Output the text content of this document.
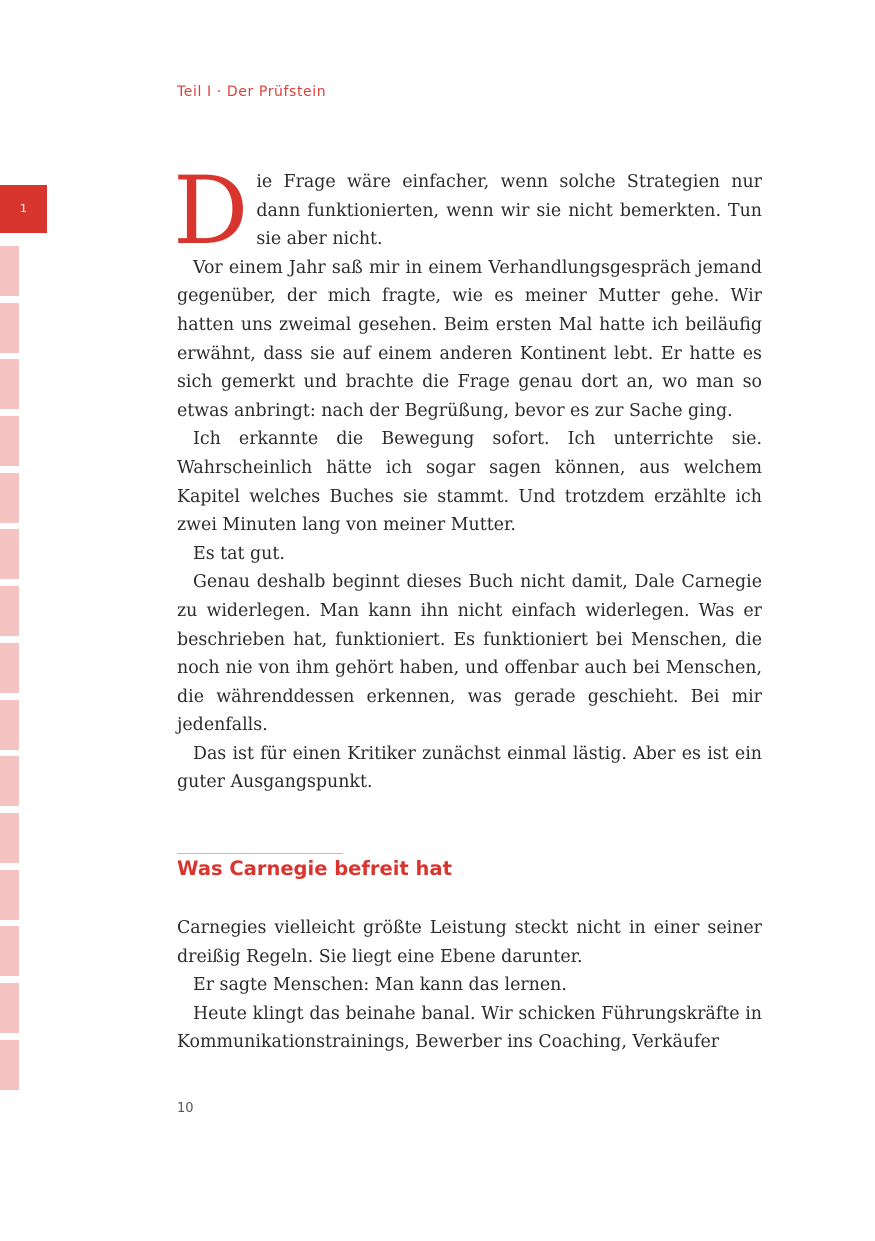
Teil I · Der Prüfstein
1 Die Frage wäre einfacher, wenn solche Strategien nur dann funktionierten, wenn wir sie nicht bemerkten. Tun sie aber nicht.

Vor einem Jahr saß mir in einem Verhandlungsgespräch jemand gegenüber, der mich fragte, wie es meiner Mutter gehe. Wir hatten uns zweimal gesehen. Beim ersten Mal hatte ich beiläufig erwähnt, dass sie auf einem anderen Kontinent lebt. Er hatte es sich gemerkt und brachte die Frage genau dort an, wo man so etwas anbringt: nach der Begrüßung, bevor es zur Sache ging.

Ich erkannte die Bewegung sofort. Ich unterrichte sie. Wahrscheinlich hätte ich sogar sagen können, aus welchem Kapitel welches Buches sie stammt. Und trotzdem erzählte ich zwei Minuten lang von meiner Mutter.

Es tat gut.

Genau deshalb beginnt dieses Buch nicht damit, Dale Carnegie zu widerlegen. Man kann ihn nicht einfach widerlegen. Was er beschrieben hat, funktioniert. Es funktioniert bei Menschen, die noch nie von ihm gehört haben, und offenbar auch bei Menschen, die währenddessen erkennen, was gerade geschieht. Bei mir jedenfalls.

Das ist für einen Kritiker zunächst einmal lästig. Aber es ist ein guter Ausgangspunkt.

Was Carnegie befreit hat

Carnegies vielleicht größte Leistung steckt nicht in einer seiner dreißig Regeln. Sie liegt eine Ebene darunter.

Er sagte Menschen: Man kann das lernen.

Heute klingt das beinahe banal. Wir schicken Führungskräfte in Kommunikationstrainings, Bewerber ins Coaching, Verkäufer

10
